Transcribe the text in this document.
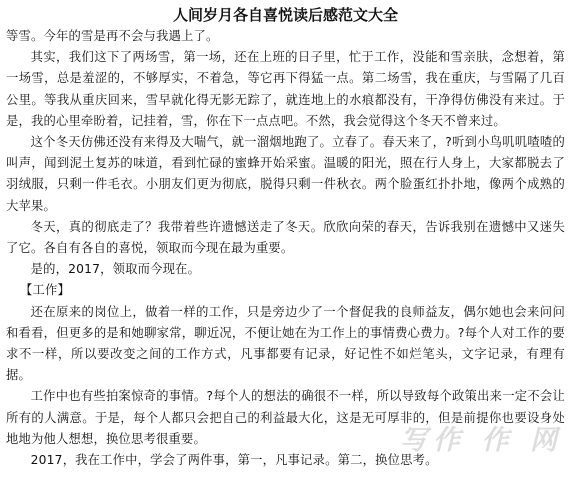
人间岁月各自喜悦读后感范文大全

等雪。今年的雪是再不会与我遇上了。

其实，我们这下了两场雪，第一场，还在上班的日子里，忙于工作，没能和雪亲肤，念想着，第一场雪，总是羞涩的，不够厚实，不着急，等它再下得猛一点。第二场雪，我在重庆，与雪隔了几百公里。等我从重庆回来，雪早就化得无影无踪了，就连地上的水痕都没有，干净得仿佛没有来过。于是，我的心里牵盼着，记挂着，雪，你在下一点点吧。不然，我会觉得这个冬天不曾来过。

这个冬天仿佛还没有来得及大喘气，就一溜烟地跑了。立春了。春天来了，?听到小鸟叽叽喳喳的叫声，闻到泥土复苏的味道，看到忙碌的蜜蜂开始采蜜。温暖的阳光，照在行人身上，大家都脱去了羽绒服，只剩一件毛衣。小朋友们更为彻底，脱得只剩一件秋衣。两个脸蛋红扑扑地，像两个成熟的大苹果。

冬天，真的彻底走了？我带着些许遗憾送走了冬天。欣欣向荣的春天，告诉我别在遗憾中又迷失了它。各自有各自的喜悦，领取而今现在最为重要。

是的，2017，领取而今现在。

【工作】

还在原来的岗位上，做着一样的工作，只是旁边少了一个督促我的良师益友，偶尔她也会来问问和看看，但更多的是和她聊家常，聊近况，不便让她在为工作上的事情费心费力。?每个人对工作的要求不一样，所以要改变之间的工作方式，凡事都要有记录，好记性不如烂笔头，文字记录，有理有据。

工作中也有些拍案惊奇的事情。?每个人的想法的确很不一样，所以导致每个政策出来一定不会让所有的人满意。于是，每个人都只会把自己的利益最大化，这是无可厚非的，但是前提你也要设身处地地为他人想想，换位思考很重要。

2017，我在工作中，学会了两件事，第一，凡事记录。第二，换位思考。

写作 作 网
